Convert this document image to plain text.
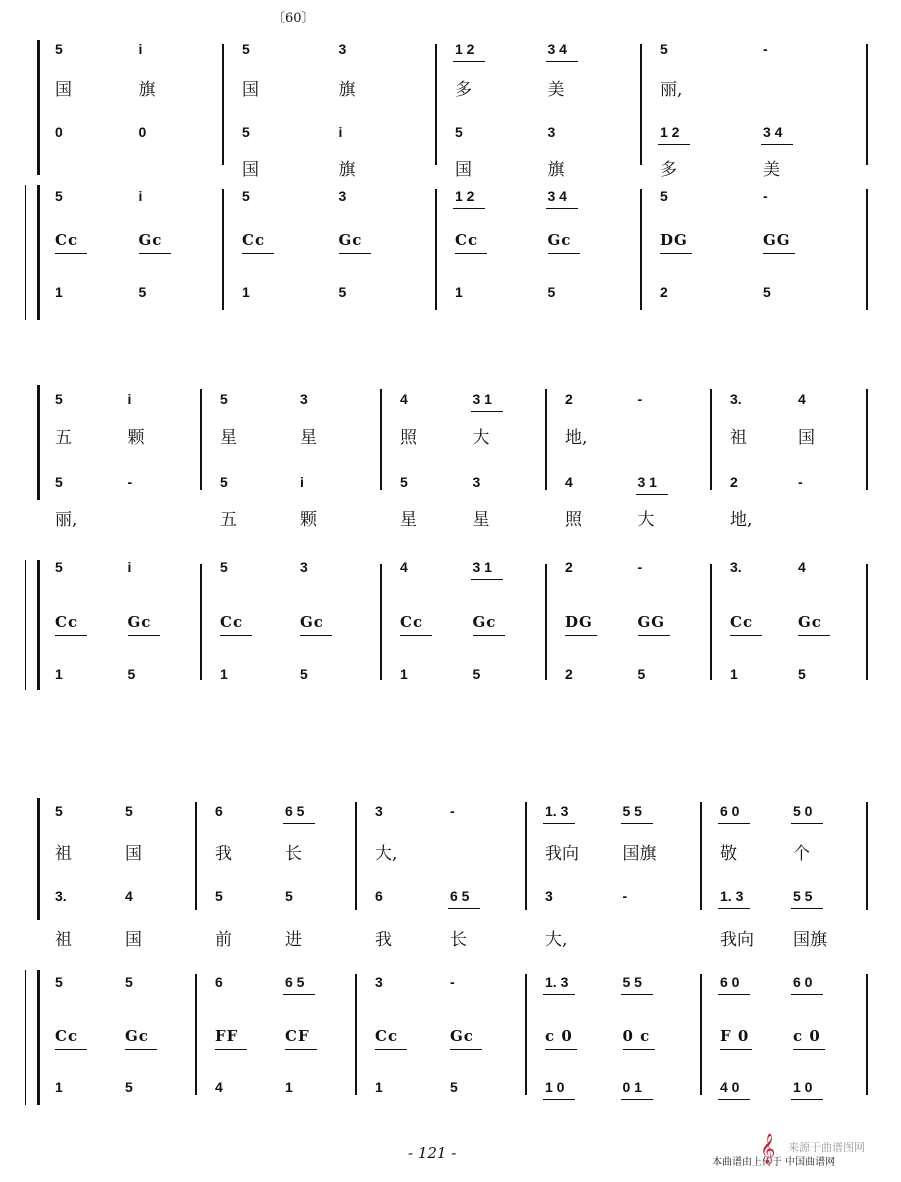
〔60〕
- 121 -
本曲谱由上传于 中国曲谱网
来源于曲谱图网
𝄞
5	i	5	3	1 2	3 4	5	-
国	旗	国	旗	多	美	丽,
0	0	5	i	5	3	1 2	3 4
国	旗	国	旗	多	美
5	i	5	3	1 2	3 4	5	-
Cc	Gc	Cc	Gc	Cc	Gc	DG	GG
1	5	1	5	1	5	2	5
5	i	5	3	4	3 1	2	-	3.	4
五	颗	星	星	照	大	地,	祖	国
5	-	5	i	5	3	4	3 1	2	-
丽,	五	颗	星	星	照	大	地,
5	i	5	3	4	3 1	2	-	3.	4
Cc	Gc	Cc	Gc	Cc	Gc	DG	GG	Cc	Gc
1	5	1	5	1	5	2	5	1	5
5	5	6	6 5	3	-	1. 3	5 5	6 0	5 0
祖	国	我	长	大,	我向	国旗	敬	个
3.	4	5	5	6	6 5	3	-	1. 3	5 5
祖	国	前	进	我	长	大,	我向 国旗
5	5	6	6 5	3	-	1. 3	5 5	6 0	6 0
Cc	Gc	FF	CF	Cc	Gc	c 0	0 c	F 0	c 0
1	5	4	1	1	5	1 0	0 1	4 0	1 0
